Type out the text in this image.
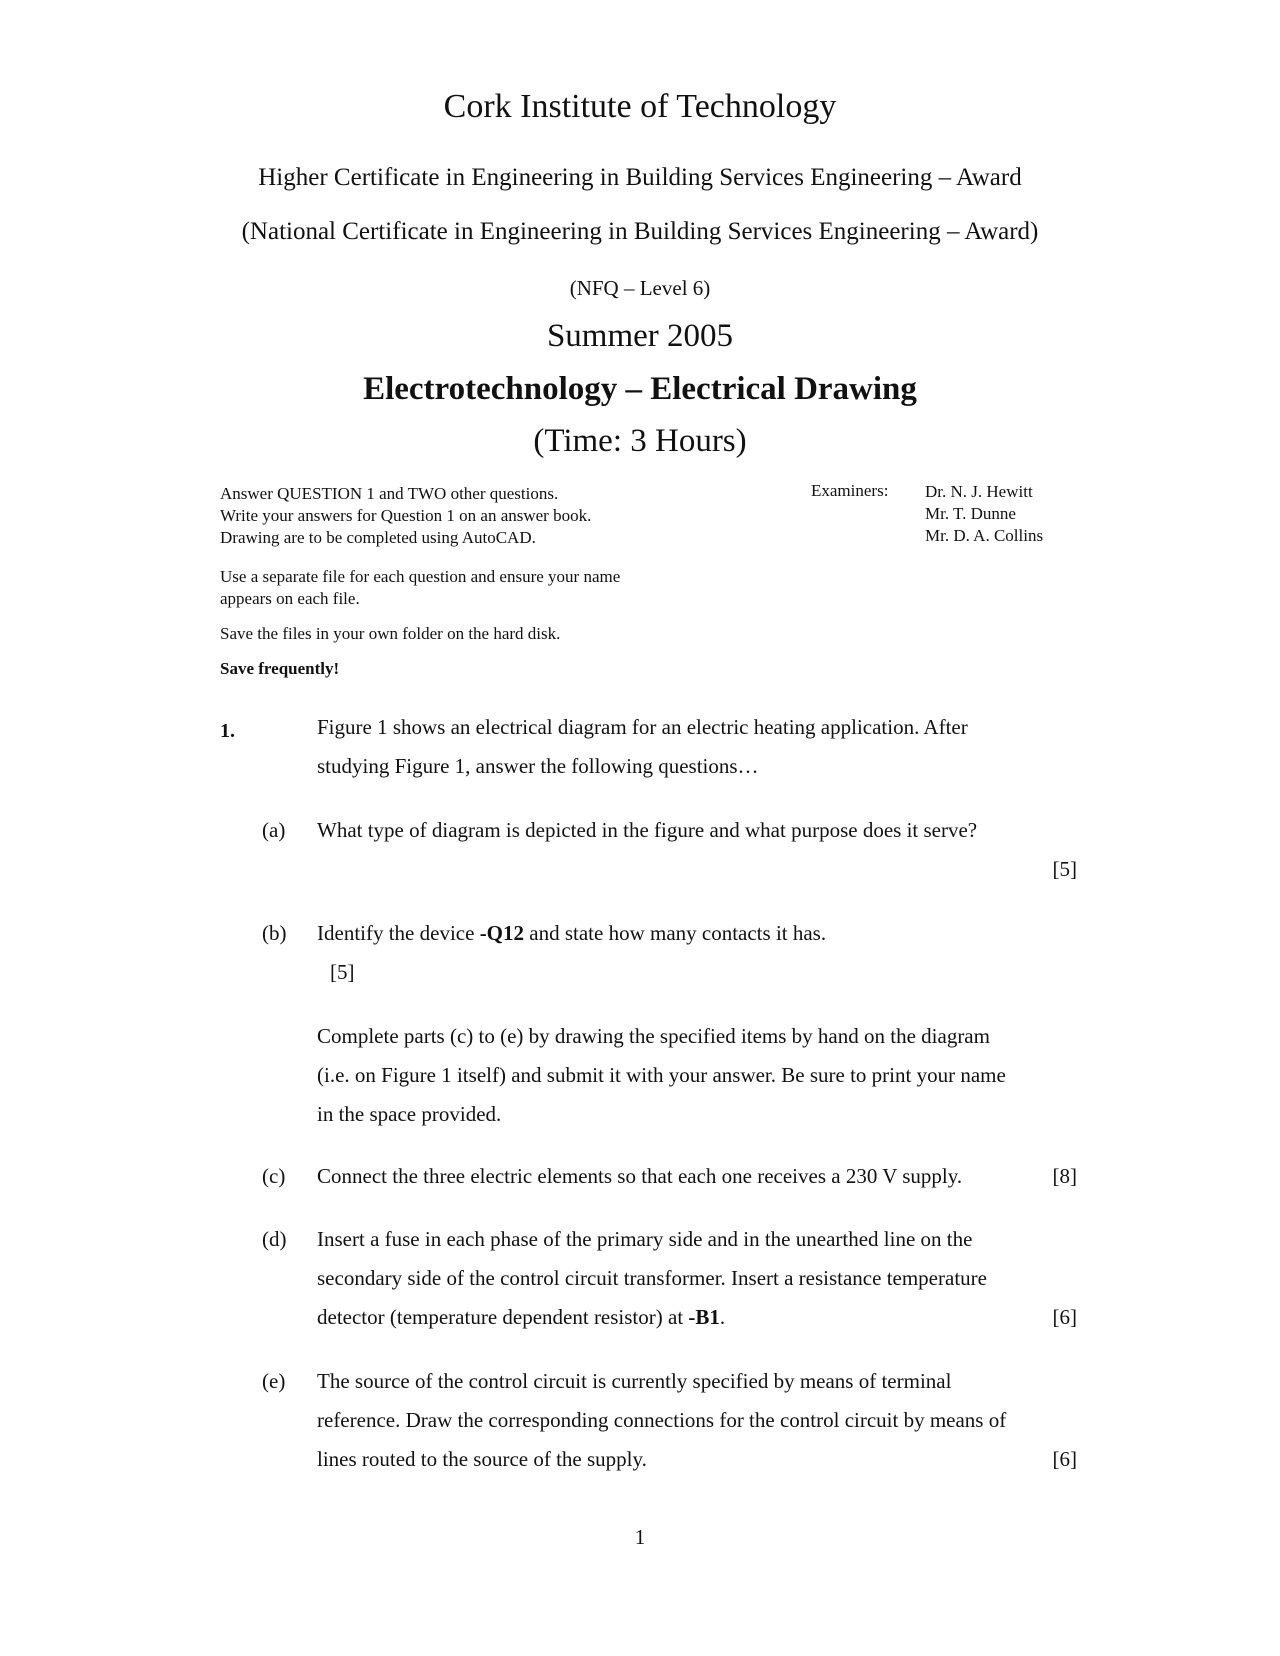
Cork Institute of Technology
Higher Certificate in Engineering in Building Services Engineering – Award
(National Certificate in Engineering in Building Services Engineering – Award)
(NFQ – Level 6)
Summer 2005
Electrotechnology – Electrical Drawing
(Time: 3 Hours)
Answer QUESTION 1 and TWO other questions.
Write your answers for Question 1 on an answer book.
Drawing are to be completed using AutoCAD.
Use a separate file for each question and ensure your name
appears on each file.
Save the files in your own folder on the hard disk.
Save frequently!
Examiners: Dr. N. J. Hewitt
Mr. T. Dunne
Mr. D. A. Collins
1.	Figure 1 shows an electrical diagram for an electric heating application. After
studying Figure 1, answer the following questions…
(a) What type of diagram is depicted in the figure and what purpose does it serve?
[5]
(b) Identify the device -Q12 and state how many contacts it has.
[5]
Complete parts (c) to (e) by drawing the specified items by hand on the diagram
(i.e. on Figure 1 itself) and submit it with your answer. Be sure to print your name
in the space provided.
(c) Connect the three electric elements so that each one receives a 230 V supply.	[8]
(d) Insert a fuse in each phase of the primary side and in the unearthed line on the
secondary side of the control circuit transformer. Insert a resistance temperature
detector (temperature dependent resistor) at -B1.	[6]
(e) The source of the control circuit is currently specified by means of terminal
reference. Draw the corresponding connections for the control circuit by means of
lines routed to the source of the supply.	[6]
1
